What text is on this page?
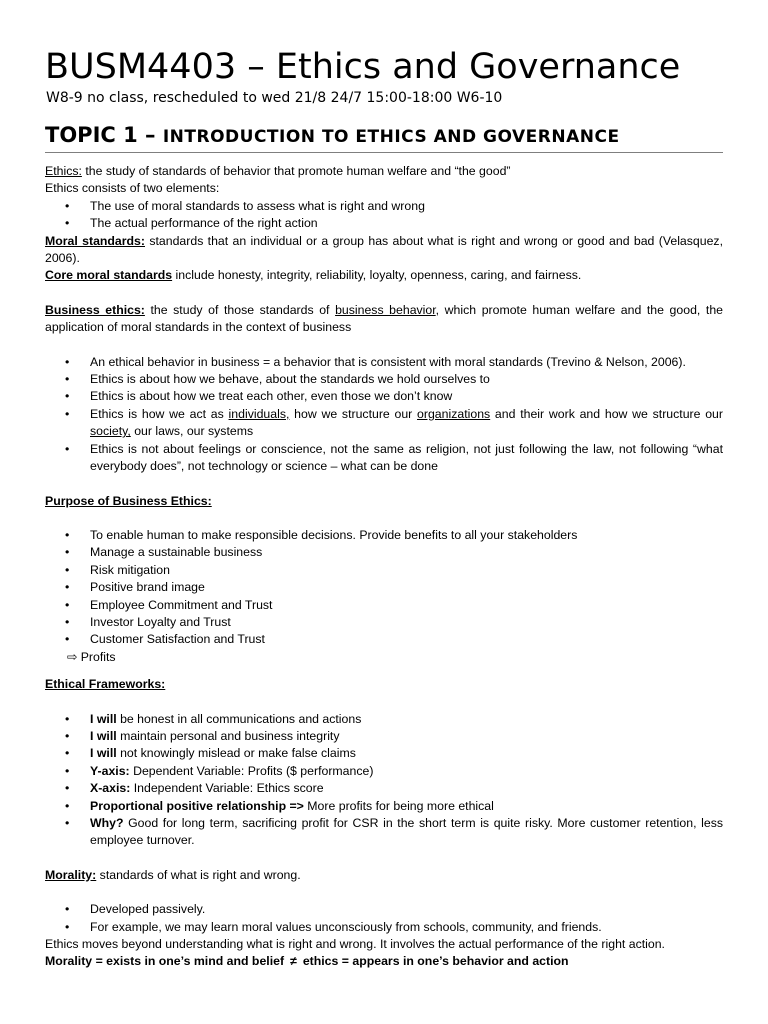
BUSM4403 – Ethics and Governance
W8-9 no class, rescheduled to wed 21/8 24/7 15:00-18:00 W6-10
TOPIC 1 – INTRODUCTION TO ETHICS AND GOVERNANCE

Ethics: the study of standards of behavior that promote human welfare and “the good”

Ethics consists of two elements:

• The use of moral standards to assess what is right and wrong
• The actual performance of the right action

Moral standards: standards that an individual or a group has about what is right and wrong or good and bad (Velasquez, 2006).

Core moral standards include honesty, integrity, reliability, loyalty, openness, caring, and fairness.

Business ethics: the study of those standards of business behavior, which promote human welfare and the good, the application of moral standards in the context of business

• An ethical behavior in business = a behavior that is consistent with moral standards (Trevino & Nelson, 2006).
• Ethics is about how we behave, about the standards we hold ourselves to
• Ethics is about how we treat each other, even those we don’t know
• Ethics is how we act as individuals, how we structure our organizations and their work and how we structure our society, our laws, our systems
• Ethics is not about feelings or conscience, not the same as religion, not just following the law, not following “what everybody does”, not technology or science – what can be done

Purpose of Business Ethics:

• To enable human to make responsible decisions. Provide benefits to all your stakeholders
• Manage a sustainable business
• Risk mitigation
• Positive brand image
• Employee Commitment and Trust
• Investor Loyalty and Trust
• Customer Satisfaction and Trust

⇨ Profits

Ethical Frameworks:

• I will be honest in all communications and actions
• I will maintain personal and business integrity
• I will not knowingly mislead or make false claims
• Y-axis: Dependent Variable: Profits ($ performance)
• X-axis: Independent Variable: Ethics score
• Proportional positive relationship => More profits for being more ethical
• Why? Good for long term, sacrificing profit for CSR in the short term is quite risky. More customer retention, less employee turnover.

Morality: standards of what is right and wrong.

• Developed passively.
• For example, we may learn moral values unconsciously from schools, community, and friends.

Ethics moves beyond understanding what is right and wrong. It involves the actual performance of the right action.

Morality = exists in one’s mind and belief ≠ ethics = appears in one’s behavior and action
